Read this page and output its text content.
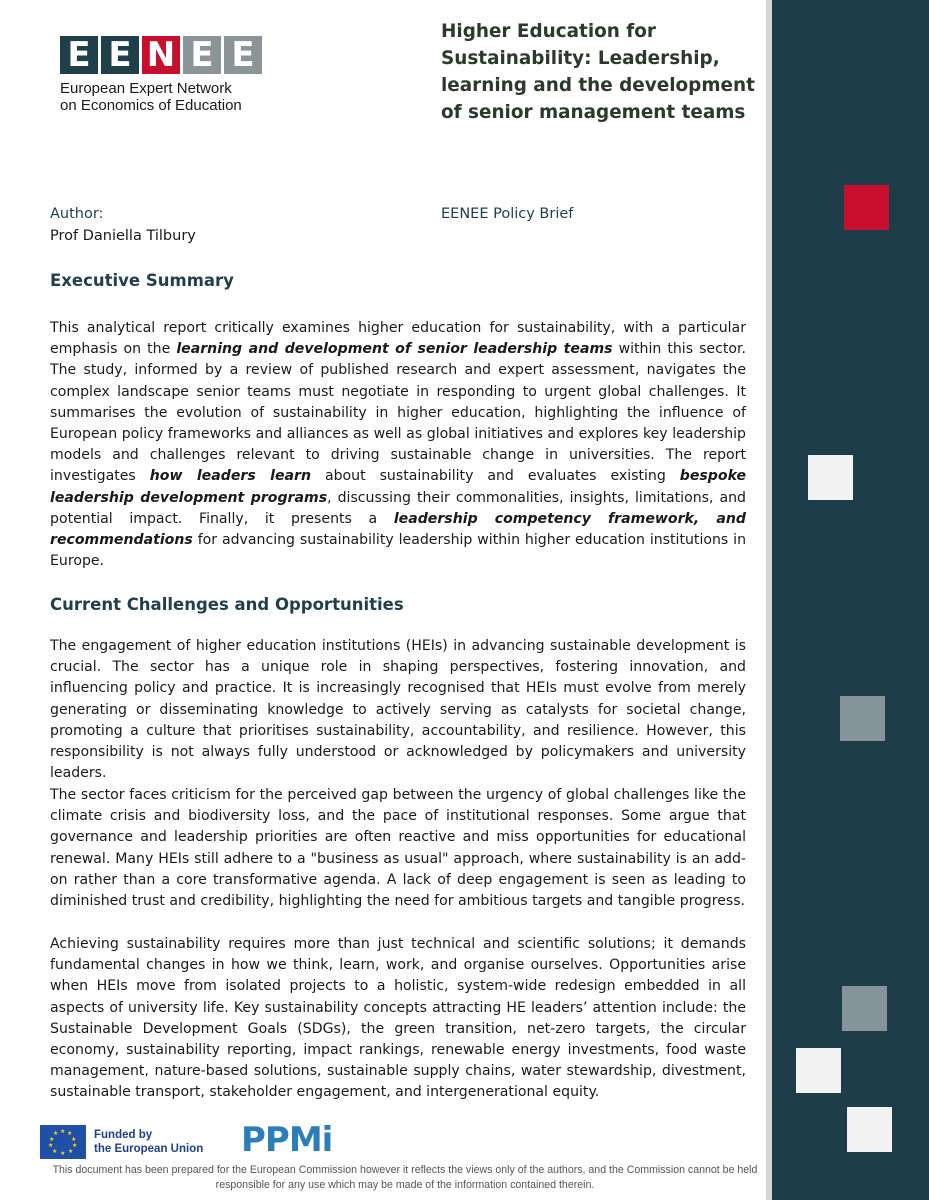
E E N E E
European Expert Network
on Economics of Education
Higher Education for Sustainability: Leadership, learning and the development of senior management teams
Author:
Prof Daniella Tilbury
EENEE Policy Brief
Executive Summary

This analytical report critically examines higher education for sustainability, with a particular emphasis on the learning and development of senior leadership teams within this sector. The study, informed by a review of published research and expert assessment, navigates the complex landscape senior teams must negotiate in responding to urgent global challenges. It summarises the evolution of sustainability in higher education, highlighting the influence of European policy frameworks and alliances as well as global initiatives and explores key leadership models and challenges relevant to driving sustainable change in universities. The report investigates how leaders learn about sustainability and evaluates existing bespoke leadership development programs, discussing their commonalities, insights, limitations, and potential impact. Finally, it presents a leadership competency framework, and recommendations for advancing sustainability leadership within higher education institutions in Europe.

Current Challenges and Opportunities

The engagement of higher education institutions (HEIs) in advancing sustainable development is crucial. The sector has a unique role in shaping perspectives, fostering innovation, and influencing policy and practice. It is increasingly recognised that HEIs must evolve from merely generating or disseminating knowledge to actively serving as catalysts for societal change, promoting a culture that prioritises sustainability, accountability, and resilience. However, this responsibility is not always fully understood or acknowledged by policymakers and university leaders.

The sector faces criticism for the perceived gap between the urgency of global challenges like the climate crisis and biodiversity loss, and the pace of institutional responses. Some argue that governance and leadership priorities are often reactive and miss opportunities for educational renewal. Many HEIs still adhere to a "business as usual" approach, where sustainability is an add-on rather than a core transformative agenda. A lack of deep engagement is seen as leading to diminished trust and credibility, highlighting the need for ambitious targets and tangible progress.

Achieving sustainability requires more than just technical and scientific solutions; it demands fundamental changes in how we think, learn, work, and organise ourselves. Opportunities arise when HEIs move from isolated projects to a holistic, system-wide redesign embedded in all aspects of university life. Key sustainability concepts attracting HE leaders’ attention include: the Sustainable Development Goals (SDGs), the green transition, net-zero targets, the circular economy, sustainability reporting, impact rankings, renewable energy investments, food waste management, nature-based solutions, sustainable supply chains, water stewardship, divestment, sustainable transport, stakeholder engagement, and intergenerational equity.

★ ★
★
★
★
★
★
★
★
★	Funded by
the European Union PPMi
This document has been prepared for the European Commission however it reflects the views only of the authors, and the Commission cannot be held responsible for any use which may be made of the information contained therein.
